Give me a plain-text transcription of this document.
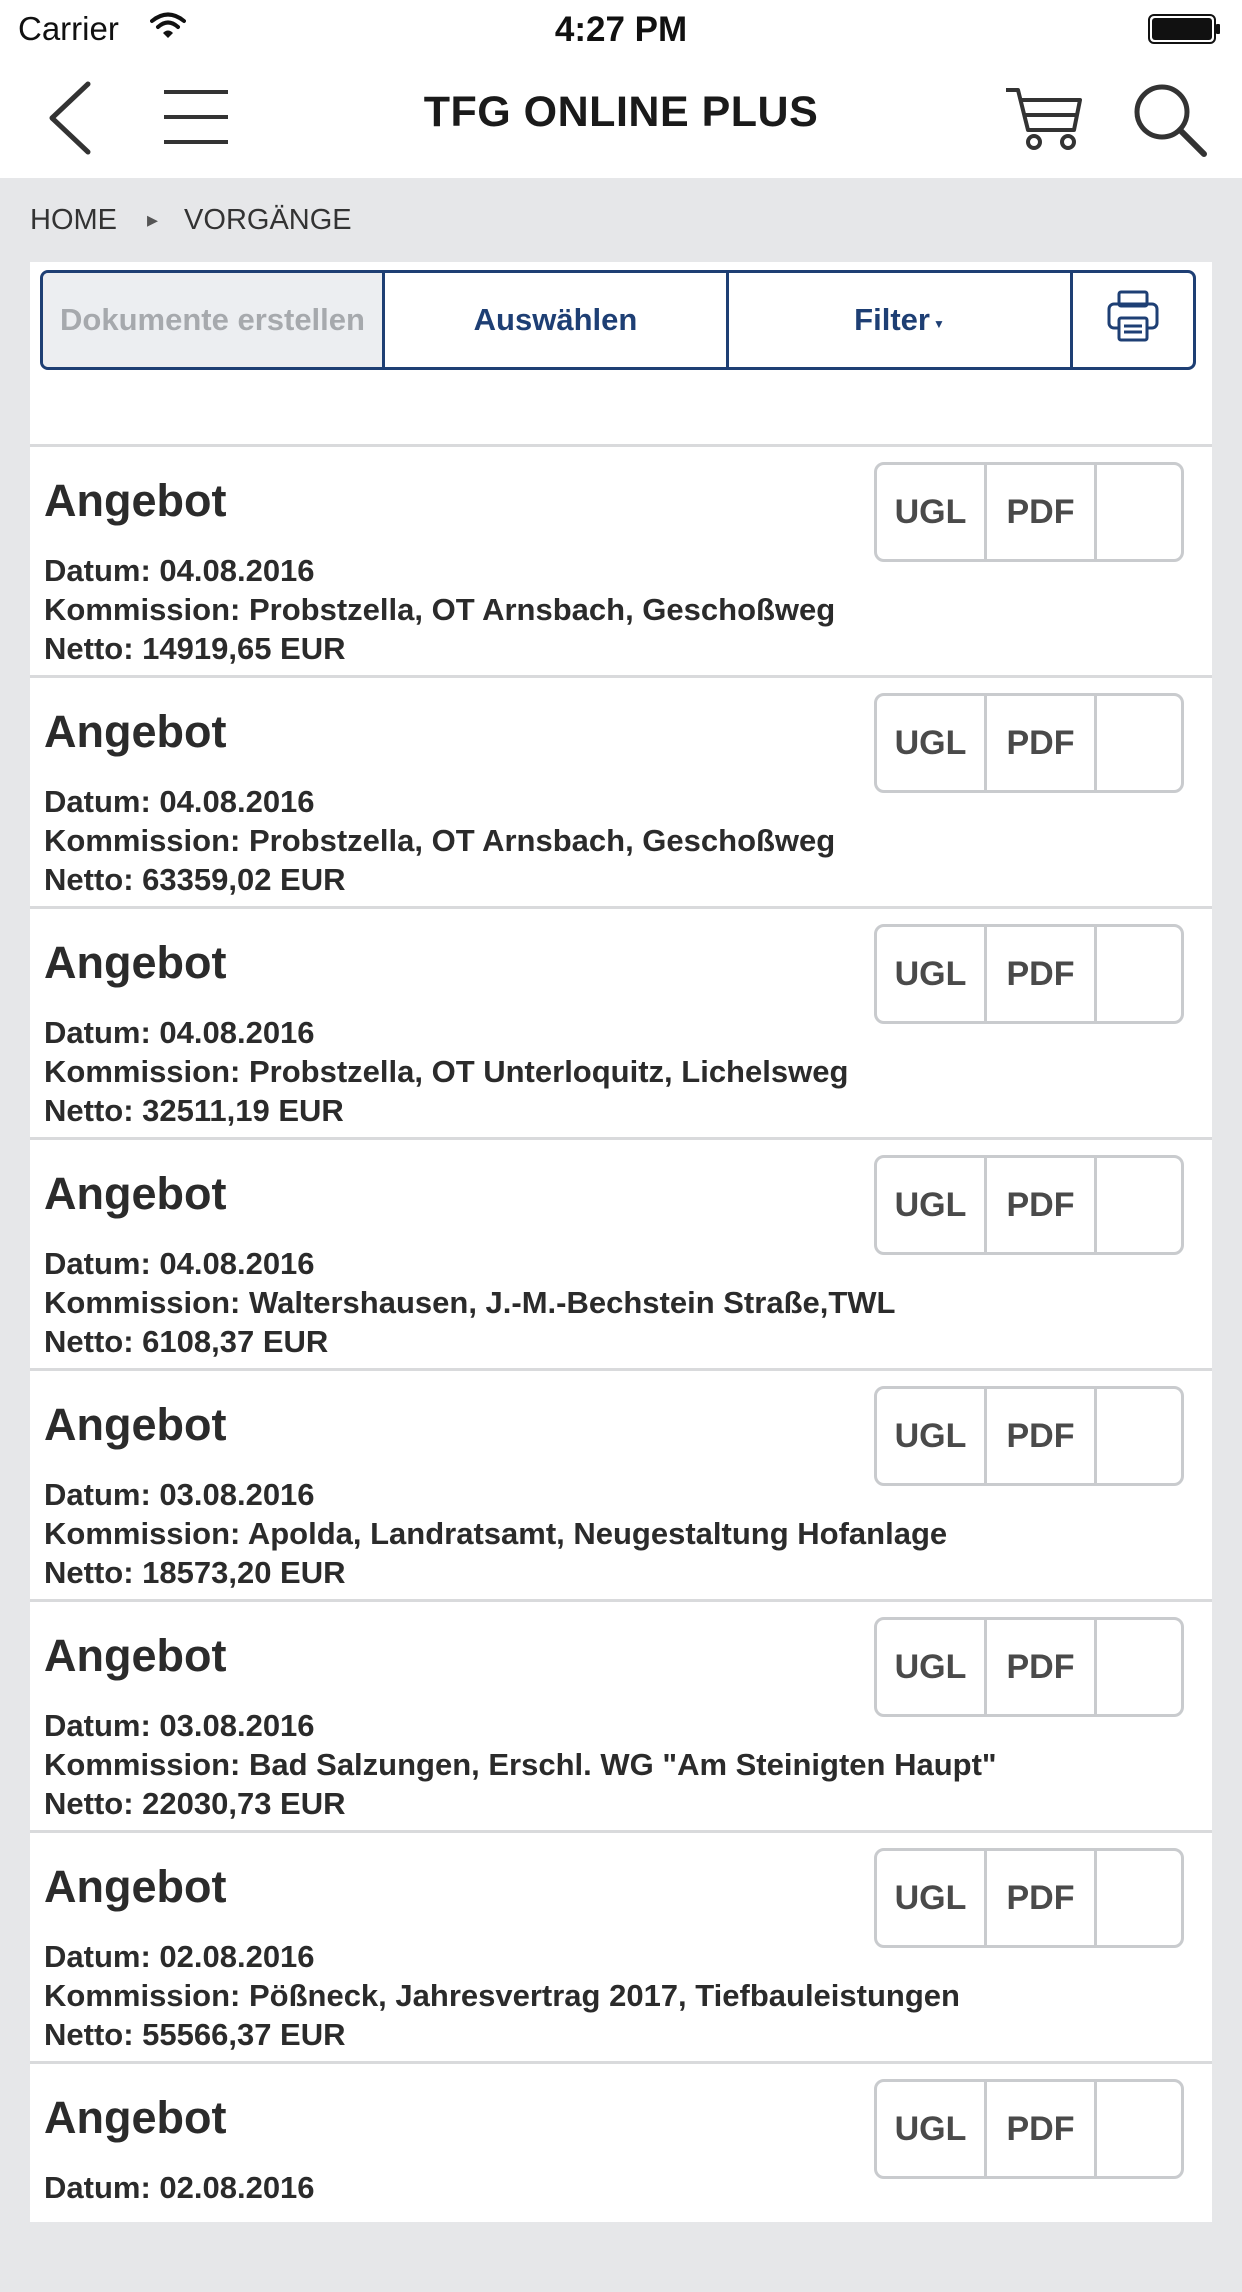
Carrier	4:27 PM
TFG ONLINE PLUS
HOME ▸ VORGÄNGE
Dokumente erstellen	Auswählen	Filter ▼
Angebot
Datum: 04.08.2016
Kommission: Probstzella, OT Arnsbach, Geschoßweg
Netto: 14919,65 EUR
UGL	PDF
Angebot
Datum: 04.08.2016
Kommission: Probstzella, OT Arnsbach, Geschoßweg
Netto: 63359,02 EUR
UGL	PDF
Angebot
Datum: 04.08.2016
Kommission: Probstzella, OT Unterloquitz, Lichelsweg
Netto: 32511,19 EUR
UGL	PDF
Angebot
Datum: 04.08.2016
Kommission: Waltershausen, J.-M.-Bechstein Straße,TWL
Netto: 6108,37 EUR
UGL	PDF
Angebot
Datum: 03.08.2016
Kommission: Apolda, Landratsamt, Neugestaltung Hofanlage
Netto: 18573,20 EUR
UGL	PDF
Angebot
Datum: 03.08.2016
Kommission: Bad Salzungen, Erschl. WG "Am Steinigten Haupt"
Netto: 22030,73 EUR
UGL	PDF
Angebot
Datum: 02.08.2016
Kommission: Pößneck, Jahresvertrag 2017, Tiefbauleistungen
Netto: 55566,37 EUR
UGL	PDF
Angebot
Datum: 02.08.2016
UGL	PDF
